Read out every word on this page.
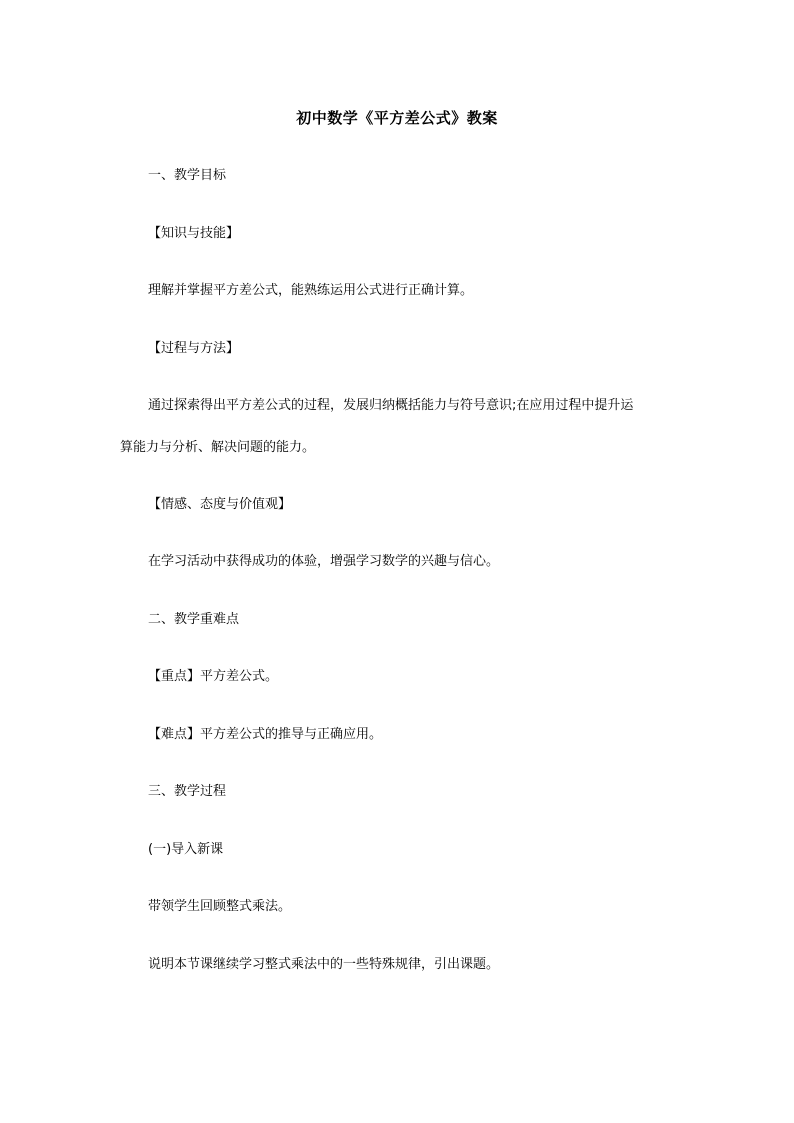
初中数学《平方差公式》教案
一、教学目标
【知识与技能】
理解并掌握平方差公式，能熟练运用公式进行正确计算。
【过程与方法】
通过探索得出平方差公式的过程，发展归纳概括能力与符号意识;在应用过程中提升运
算能力与分析、解决问题的能力。
【情感、态度与价值观】
在学习活动中获得成功的体验，增强学习数学的兴趣与信心。
二、教学重难点
【重点】平方差公式。
【难点】平方差公式的推导与正确应用。
三、教学过程
(一)导入新课
带领学生回顾整式乘法。
说明本节课继续学习整式乘法中的一些特殊规律，引出课题。
